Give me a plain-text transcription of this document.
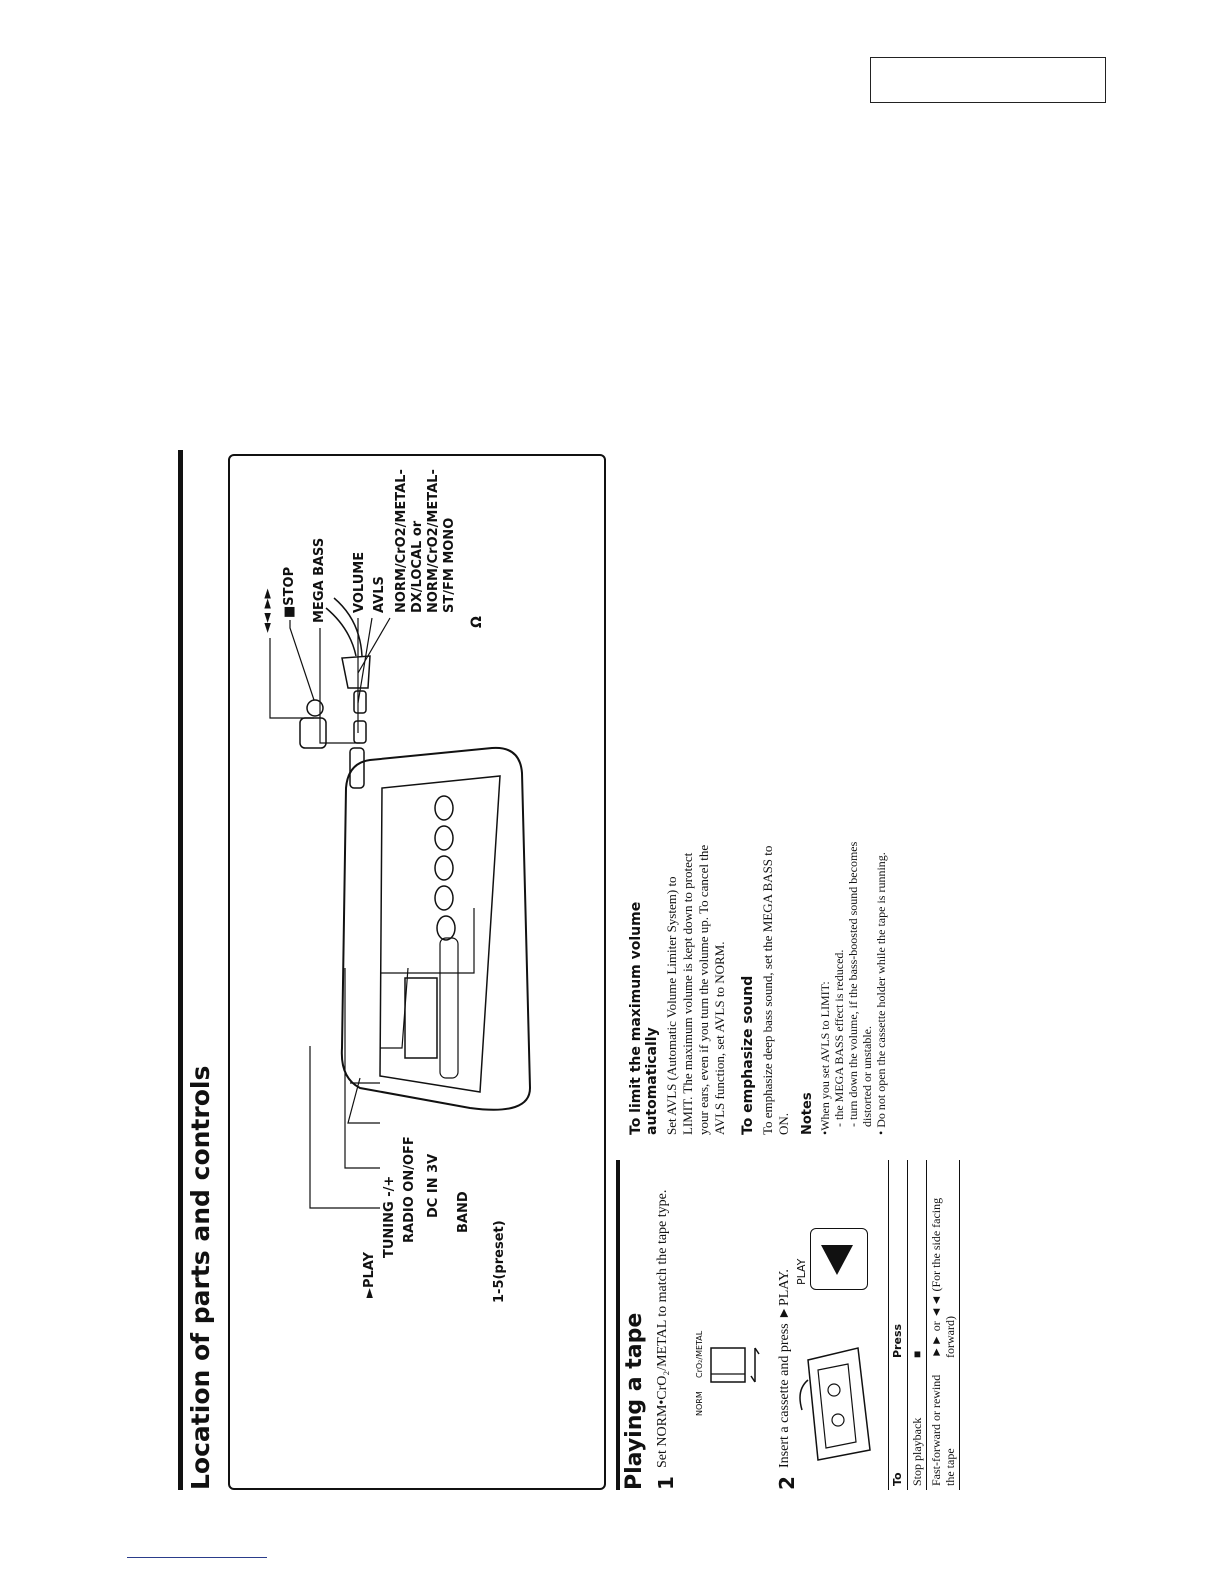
Location of parts and controls	►PLAY
TUNING -/+ RADIO ON/OFF DC IN 3V BAND
1-5(preset)
◄◄ ►► ■STOP MEGA BASS VOLUME AVLS NORM/CrO2/METAL- DX/LOCAL or NORM/CrO2/METAL- ST/FM MONO
Ω
Playing a tape 1
Set NORM•CrO₂/METAL to match the tape type.	NORM
CrO₂/METAL
2
Insert a cassette and press ►PLAY. PLAY
To	Press
Stop playback	■
Fast-forward or rewind the tape	►► or ◄◄ (For the side facing forward)
To limit the maximum volume automatically Set AVLS (Automatic Volume Limiter System) to LIMIT. The maximum volume is kept down to protect your ears, even if you turn the volume up. To cancel the AVLS function, set AVLS to NORM. To emphasize sound To emphasize deep bass sound, set the MEGA BASS to ON. Notes •When you set AVLS to LIMIT: - the MEGA BASS effect is reduced. - turn down the volume, if the bass-boosted sound becomes distorted or unstable. • Do not open the cassette holder while the tape is running.
